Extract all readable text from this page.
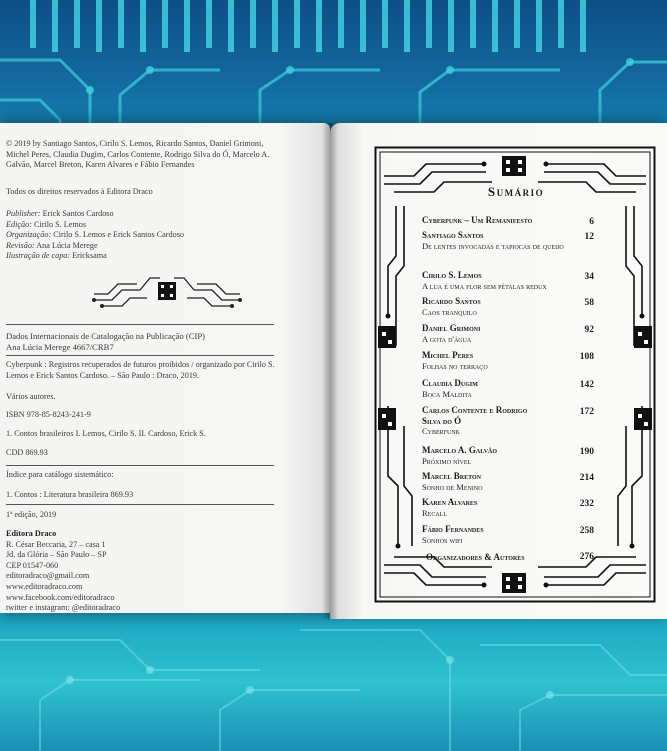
© 2019 by Santiago Santos, Cirilo S. Lemos, Ricardo Santos, Daniel Grimoni, Michel Peres, Claudia Dugim, Carlos Contente, Rodrigo Silva do Ó, Marcelo A. Galvão, Marcel Breton, Karen Alvares e Fábio Fernandes

Todos os direitos reservados à Editora Draco

Publisher: Erick Santos Cardoso

Edição: Cirilo S. Lemos

Organização: Cirilo S. Lemos e Erick Santos Cardoso

Revisão: Ana Lúcia Merege

Ilustração de capa: Ericksama

Dados Internacionais de Catalogação na Publicação (CIP)

Ana Lúcia Merege 4667/CRB7

Cyberpunk : Registros recuperados de futuros proibidos / organizado por Cirilo S. Lemos e Erick Santos Cardoso. – São Paulo : Draco, 2019.

Vários autores.

ISBN 978-85-8243-241-9

1. Contos brasileiros I. Lemos, Cirilo S. II. Cardoso, Erick S.

CDD 869.93

Índice para catálogo sistemático:

1. Contos : Literatura brasileira 869.93

1ª edição, 2019

Editora Draco

R. César Beccaria, 27 – casa 1

Jd. da Glória – São Paulo – SP

CEP 01547-060

editoradraco@gmail.com

www.editoradraco.com

www.facebook.com/editoradraco

twitter e instagram: @editoradraco

Sumário
Cyberpunk – Um Remanifesto	6
Santiago Santos
De lentes invocadas e tapiocas de queijo
12
Cirilo S. Lemos
A lua é uma flor sem pétalas redux
34
Ricardo Santos
Caos tranquilo
58
Daniel Grimoni
A gota d'água
92
Michel Peres
Folhas no terraço
108
Claudia Dugim
Boca Maldita
142
Carlos Contente e Rodrigo Silva do Ó
Cyberfunk
172
Marcelo A. Galvão
Próximo nível
190
Marcel Breton
Sonho de Menino
214
Karen Alvares
Recall
232
Fábio Fernandes
Sonhos wifi
258
Organizadores & Autores	276
